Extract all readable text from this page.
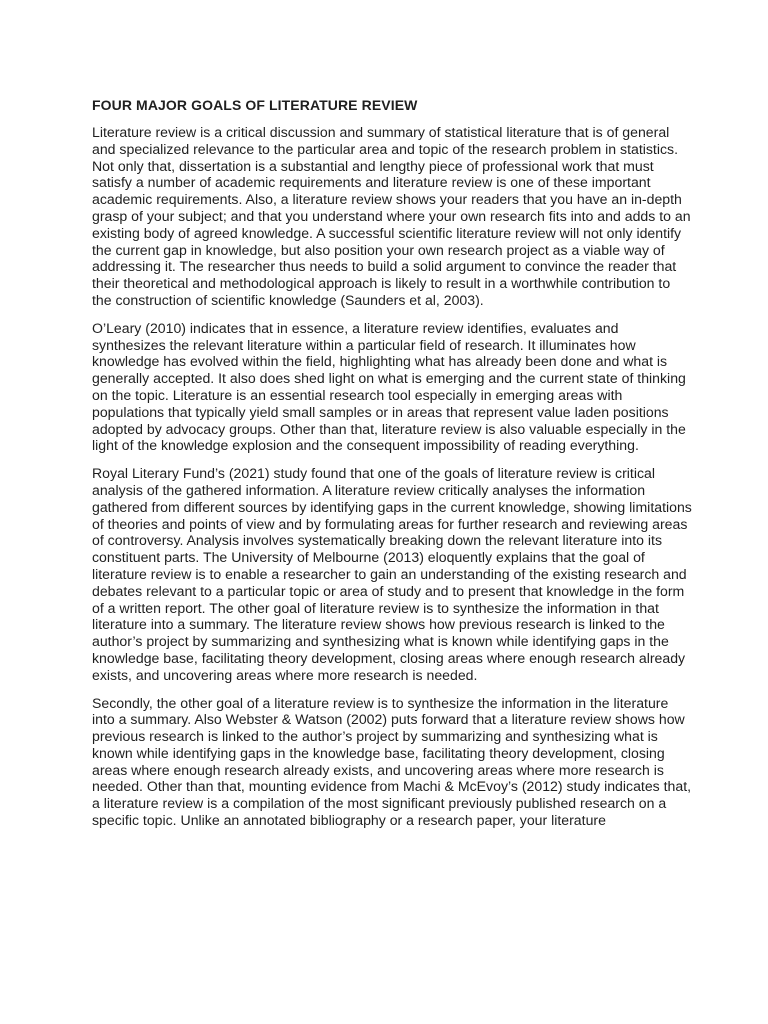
FOUR MAJOR GOALS OF LITERATURE REVIEW

Literature review is a critical discussion and summary of statistical literature that is of general and specialized relevance to the particular area and topic of the research problem in statistics. Not only that, dissertation is a substantial and lengthy piece of professional work that must satisfy a number of academic requirements and literature review is one of these important academic requirements. Also, a literature review shows your readers that you have an in-depth grasp of your subject; and that you understand where your own research fits into and adds to an existing body of agreed knowledge. A successful scientific literature review will not only identify the current gap in knowledge, but also position your own research project as a viable way of addressing it. The researcher thus needs to build a solid argument to convince the reader that their theoretical and methodological approach is likely to result in a worthwhile contribution to the construction of scientific knowledge (Saunders et al, 2003).

O’Leary (2010) indicates that in essence, a literature review identifies, evaluates and synthesizes the relevant literature within a particular field of research. It illuminates how knowledge has evolved within the field, highlighting what has already been done and what is generally accepted. It also does shed light on what is emerging and the current state of thinking on the topic. Literature is an essential research tool especially in emerging areas with populations that typically yield small samples or in areas that represent value laden positions adopted by advocacy groups. Other than that, literature review is also valuable especially in the light of the knowledge explosion and the consequent impossibility of reading everything.

Royal Literary Fund’s (2021) study found that one of the goals of literature review is critical analysis of the gathered information. A literature review critically analyses the information gathered from different sources by identifying gaps in the current knowledge, showing limitations of theories and points of view and by formulating areas for further research and reviewing areas of controversy. Analysis involves systematically breaking down the relevant literature into its constituent parts. The University of Melbourne (2013) eloquently explains that the goal of literature review is to enable a researcher to gain an understanding of the existing research and debates relevant to a particular topic or area of study and to present that knowledge in the form of a written report. The other goal of literature review is to synthesize the information in that literature into a summary. The literature review shows how previous research is linked to the author’s project by summarizing and synthesizing what is known while identifying gaps in the knowledge base, facilitating theory development, closing areas where enough research already exists, and uncovering areas where more research is needed.

Secondly, the other goal of a literature review is to synthesize the information in the literature into a summary. Also Webster & Watson (2002) puts forward that a literature review shows how previous research is linked to the author’s project by summarizing and synthesizing what is known while identifying gaps in the knowledge base, facilitating theory development, closing areas where enough research already exists, and uncovering areas where more research is needed. Other than that, mounting evidence from Machi & McEvoy’s (2012) study indicates that, a literature review is a compilation of the most significant previously published research on a specific topic. Unlike an annotated bibliography or a research paper, your literature
